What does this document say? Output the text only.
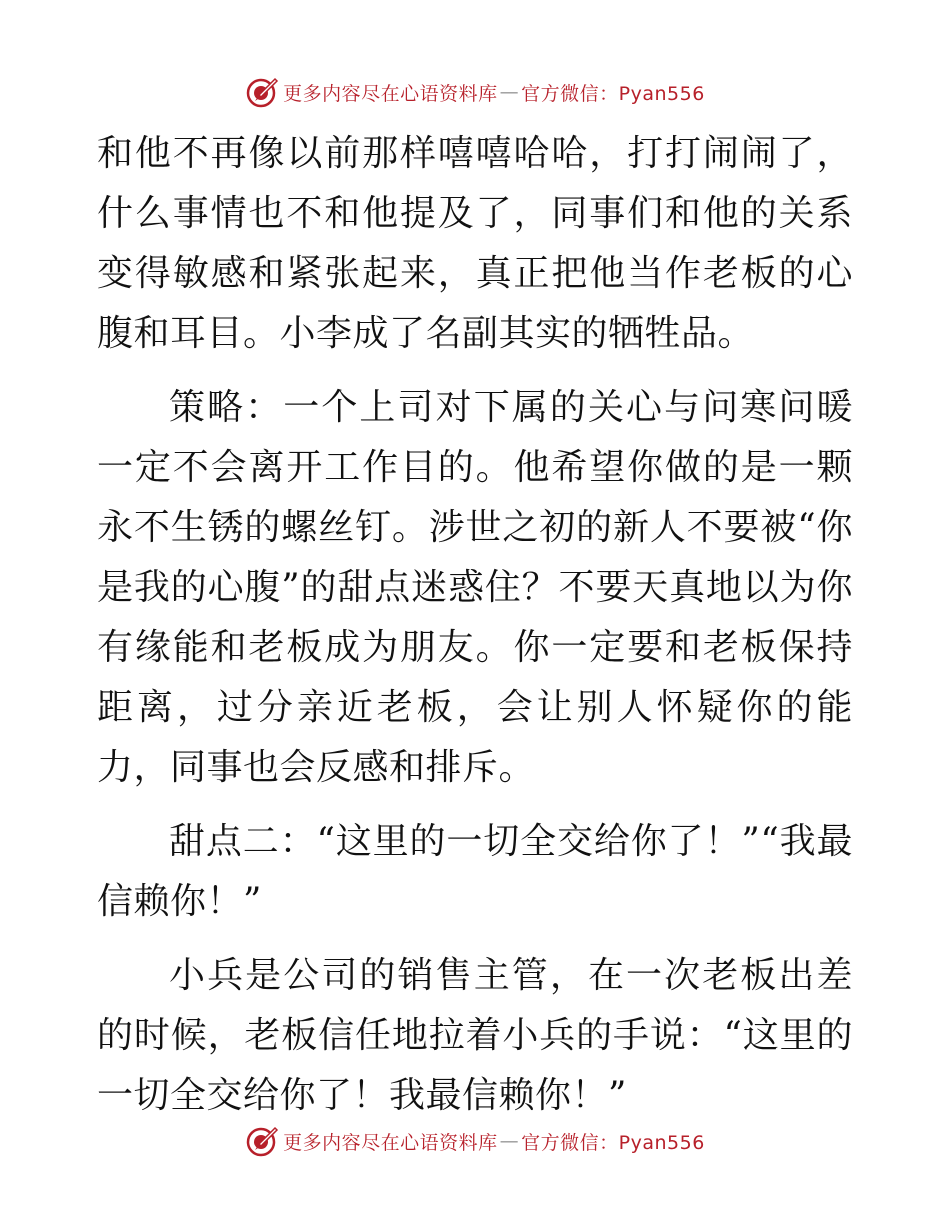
更多内容尽在心语资料库 — 官方微信：Pyan556

和他不再像以前那样嘻嘻哈哈，打打闹闹了，什么事情也不和他提及了，同事们和他的关系变得敏感和紧张起来，真正把他当作老板的心腹和耳目。小李成了名副其实的牺牲品。

策略：一个上司对下属的关心与问寒问暖一定不会离开工作目的。他希望你做的是一颗永不生锈的螺丝钉。涉世之初的新人不要被“你是我的心腹”的甜点迷惑住？不要天真地以为你有缘能和老板成为朋友。你一定要和老板保持距离，过分亲近老板，会让别人怀疑你的能力，同事也会反感和排斥。

甜点二：“这里的一切全交给你了！”“我最信赖你！”

小兵是公司的销售主管，在一次老板出差的时候，老板信任地拉着小兵的手说：“这里的一切全交给你了！我最信赖你！”

更多内容尽在心语资料库 — 官方微信：Pyan556
